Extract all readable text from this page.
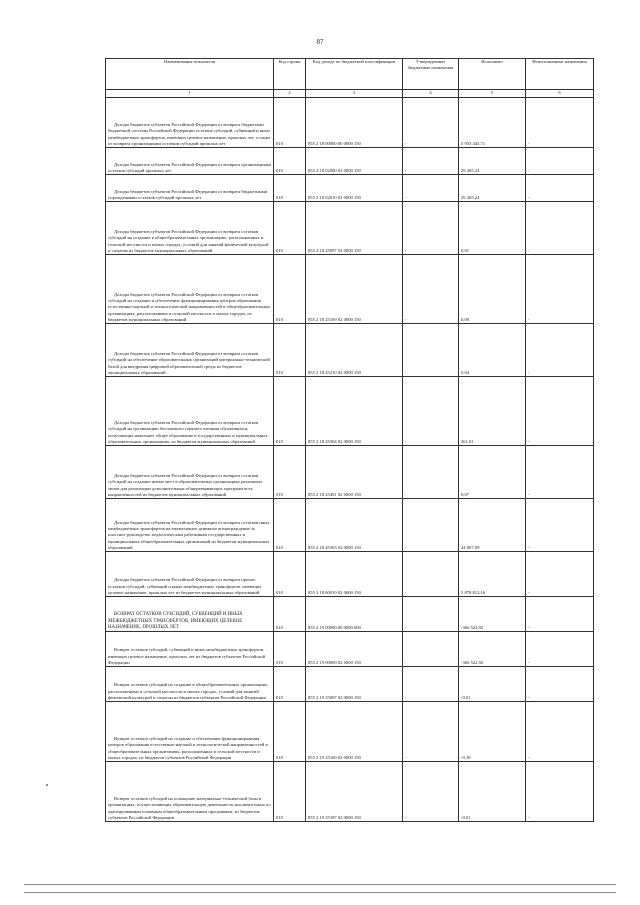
87
Наименование показателя	Код строки	Код дохода по бюджетной классификации	Утвержденные бюджетные назначения	Исполнено	Неисполненные назначения
1	2	3	4	5	6
Доходы бюджетов субъектов Российской Федерации от возврата бюджетами бюджетной системы Российской Федерации остатков субсидий, субвенций и иных межбюджетных трансфертов, имеющих целевое назначение, прошлых лет, а также от возврата организациями остатков субсидий прошлых лет	010	855 2 18 00000 00 0000 150	-	5 953 445,71	-
Доходы бюджетов субъектов Российской Федерации от возврата организациями остатков субсидий прошлых лет	010	855 2 18 02000 02 0000 150	-	29 265,24	-
Доходы бюджетов субъектов Российской Федерации от возврата бюджетными учреждениями остатков субсидий прошлых лет	010	855 2 18 02010 02 0000 150	-	29 265,24	-
Доходы бюджетов субъектов Российской Федерации от возврата остатков субсидий на создание в общеобразовательных организациях, расположенных в сельской местности и малых городах, условий для занятий физической культурой и спортом из бюджетов муниципальных образований	010	855 2 18 25097 02 0000 150	-	0,01	-
Доходы бюджетов субъектов Российской Федерации от возврата остатков субсидий на создание и обеспечение функционирования центров образования естественно-научной и технологической направленностей в общеобразовательных организациях, расположенных в сельской местности и малых городах, из бюджетов муниципальных образований	010	855 2 18 25169 02 0000 150	-	0,00	-
Доходы бюджетов субъектов Российской Федерации от возврата остатков субсидий на обеспечение образовательных организаций материально-технической базой для внедрения цифровой образовательной среды из бюджетов муниципальных образований	010	855 2 18 25210 02 0000 150	-	0,04	-
Доходы бюджетов субъектов Российской Федерации от возврата остатков субсидий на организацию бесплатного горячего питания обучающихся, получающих начальное общее образование в государственных и муниципальных образовательных организациях, из бюджетов муниципальных образований	010	855 2 18 25304 02 0000 150	-	361,01	-
Доходы бюджетов субъектов Российской Федерации от возврата остатков субсидий на создание новых мест в образовательных организациях различных типов для реализации дополнительных общеразвивающих программ всех направленностей из бюджетов муниципальных образований	010	855 2 18 25491 02 0000 150	-	0,07	-
Доходы бюджетов субъектов Российской Федерации от возврата остатков иных межбюджетных трансфертов на ежемесячное денежное вознаграждение за классное руководство педагогическим работникам государственных и муниципальных общеобразовательных организаций из бюджетов муниципальных образований	010	855 2 18 45303 02 0000 150	-	44 807,09	-
Доходы бюджетов субъектов Российской Федерации от возврата прочих остатков субсидий, субвенций и иных межбюджетных трансфертов, имеющих целевое назначение, прошлых лет из бюджетов муниципальных образований	010	855 2 18 60010 02 0000 150	-	5 878 812,16	-
ВОЗВРАТ ОСТАТКОВ СУБСИДИЙ, СУБВЕНЦИЙ И ИНЫХ МЕЖБЮДЖЕТНЫХ ТРАНСФЕРТОВ, ИМЕЮЩИХ ЦЕЛЕВОЕ НАЗНАЧЕНИЕ, ПРОШЛЫХ ЛЕТ	010	855 2 19 00000 00 0000 000	-	-366 522,92	-
Возврат остатков субсидий, субвенций и иных межбюджетных трансфертов, имеющих целевое назначение, прошлых лет из бюджетов субъектов Российской Федерации	010	855 2 19 00000 02 0000 150	-	-366 522,92	-
Возврат остатков субсидий на создание в общеобразовательных организациях, расположенных в сельской местности и малых городах, условий для занятий физической культурой и спортом из бюджетов субъектов Российской Федерации	010	855 2 19 25097 02 0000 150	-	-0,01	-
Возврат остатков субсидий на создание и обеспечение функционирования центров образования естественно-научной и технологической направленностей в общеобразовательных организациях, расположенных в сельской местности и малых городах, из бюджетов субъектов Российской Федерации	010	855 2 19 25169 02 0000 150	-	-0,18	-
Возврат остатков субсидий на оснащение материально-технической базы в организациях, осуществляющих образовательную деятельность исключительно по адаптированным основным общеобразовательным программам, из бюджетов субъектов Российской Федерации	010	855 2 19 25187 02 0000 150	-	-0,01	-
